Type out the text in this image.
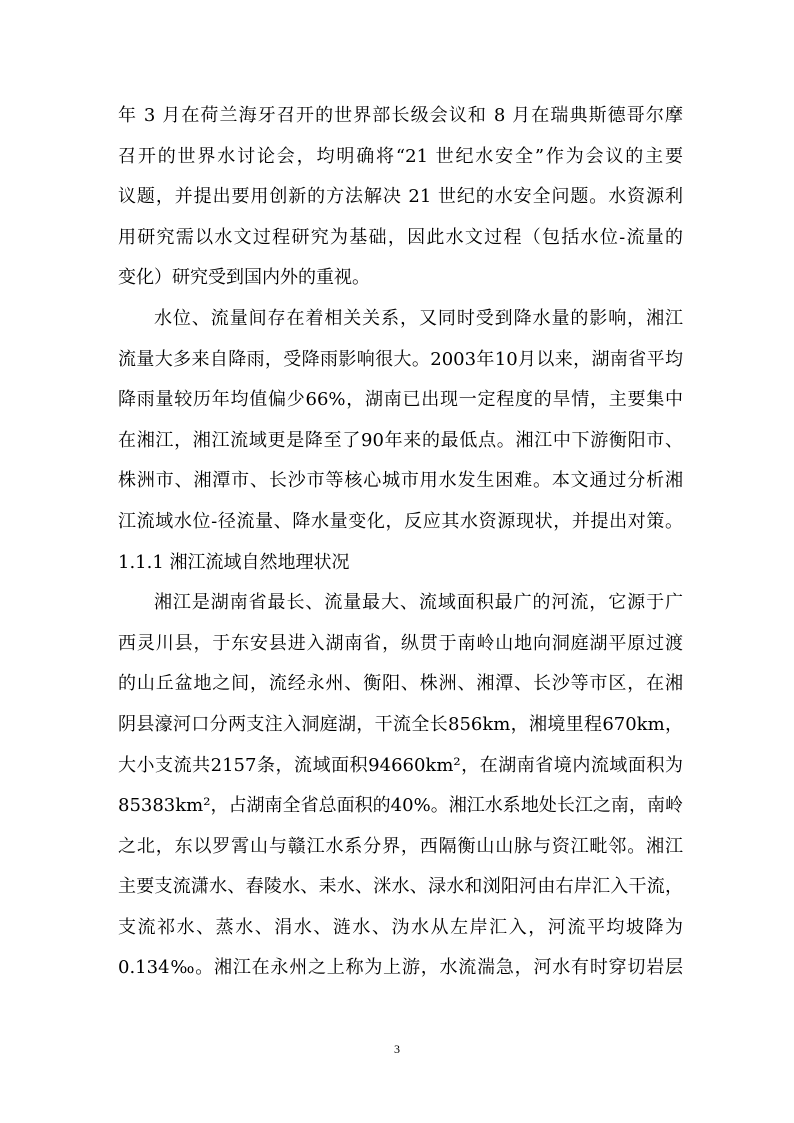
年 3 月在荷兰海牙召开的世界部长级会议和 8 月在瑞典斯德哥尔摩
召开的世界水讨论会，均明确将“21 世纪水安全”作为会议的主要
议题，并提出要用创新的方法解决 21 世纪的水安全问题。水资源利
用研究需以水文过程研究为基础，因此水文过程（包括水位-流量的
变化）研究受到国内外的重视。
水位、流量间存在着相关关系，又同时受到降水量的影响，湘江
流量大多来自降雨，受降雨影响很大。2003年10月以来，湖南省平均
降雨量较历年均值偏少66%，湖南已出现一定程度的旱情，主要集中
在湘江，湘江流域更是降至了90年来的最低点。湘江中下游衡阳市、
株洲市、湘潭市、长沙市等核心城市用水发生困难。本文通过分析湘
江流域水位-径流量、降水量变化，反应其水资源现状，并提出对策。
1.1.1 湘江流域自然地理状况
湘江是湖南省最长、流量最大、流域面积最广的河流，它源于广
西灵川县，于东安县进入湖南省，纵贯于南岭山地向洞庭湖平原过渡
的山丘盆地之间，流经永州、衡阳、株洲、湘潭、长沙等市区，在湘
阴县濠河口分两支注入洞庭湖，干流全长856km，湘境里程670km，
大小支流共2157条，流域面积94660km²，在湖南省境内流域面积为
85383km²，占湖南全省总面积的40%。湘江水系地处长江之南，南岭
之北，东以罗霄山与赣江水系分界，西隔衡山山脉与资江毗邻。湘江
主要支流潇水、舂陵水、耒水、洣水、渌水和浏阳河由右岸汇入干流，
支流祁水、蒸水、涓水、涟水、沩水从左岸汇入，河流平均坡降为
0.134‰。湘江在永州之上称为上游，水流湍急，河水有时穿切岩层
3
